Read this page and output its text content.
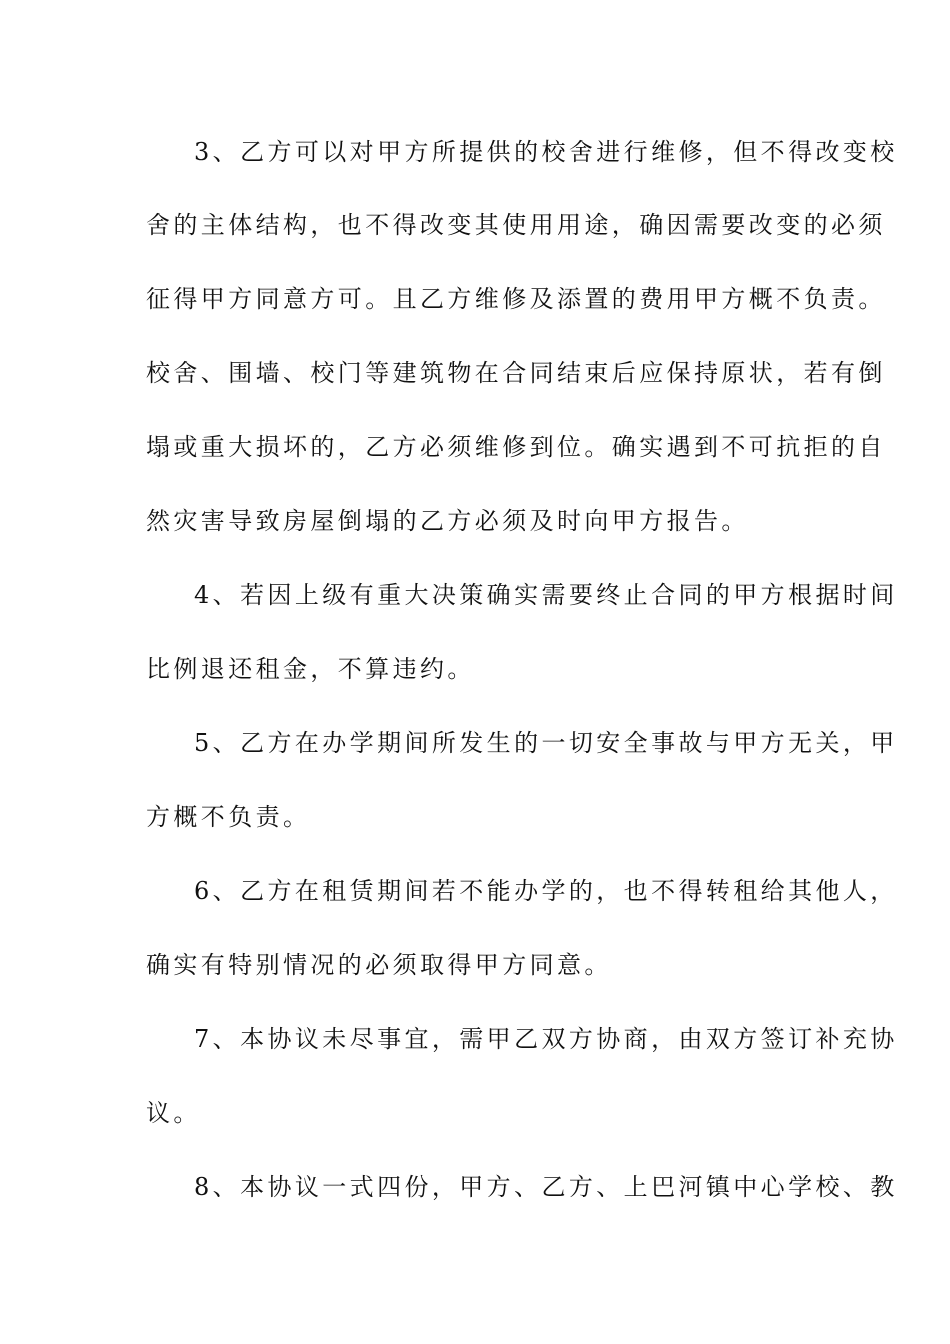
3、乙方可以对甲方所提供的校舍进行维修，但不得改变校
舍的主体结构，也不得改变其使用用途，确因需要改变的必须
征得甲方同意方可。且乙方维修及添置的费用甲方概不负责。
校舍、围墙、校门等建筑物在合同结束后应保持原状，若有倒
塌或重大损坏的，乙方必须维修到位。确实遇到不可抗拒的自
然灾害导致房屋倒塌的乙方必须及时向甲方报告。
4、若因上级有重大决策确实需要终止合同的甲方根据时间
比例退还租金，不算违约。
5、乙方在办学期间所发生的一切安全事故与甲方无关，甲
方概不负责。
6、乙方在租赁期间若不能办学的，也不得转租给其他人，
确实有特别情况的必须取得甲方同意。
7、本协议未尽事宜，需甲乙双方协商，由双方签订补充协
议。
8、本协议一式四份，甲方、乙方、上巴河镇中心学校、教
